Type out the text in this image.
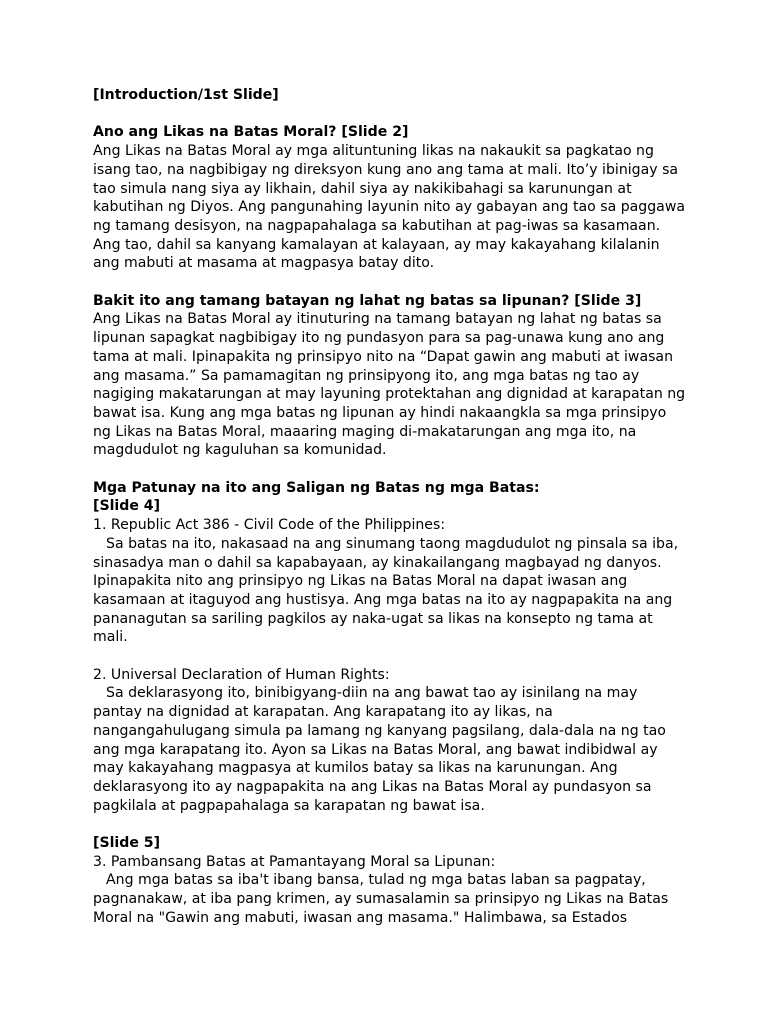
[Introduction/1st Slide]
Ano ang Likas na Batas Moral? [Slide 2]
Ang Likas na Batas Moral ay mga alituntuning likas na nakaukit sa pagkatao ng isang tao, na nagbibigay ng direksyon kung ano ang tama at mali. Ito’y ibinigay sa tao simula nang siya ay likhain, dahil siya ay nakikibahagi sa karunungan at kabutihan ng Diyos. Ang pangunahing layunin nito ay gabayan ang tao sa paggawa ng tamang desisyon, na nagpapahalaga sa kabutihan at pag-iwas sa kasamaan. Ang tao, dahil sa kanyang kamalayan at kalayaan, ay may kakayahang kilalanin ang mabuti at masama at magpasya batay dito.
Bakit ito ang tamang batayan ng lahat ng batas sa lipunan? [Slide 3]
Ang Likas na Batas Moral ay itinuturing na tamang batayan ng lahat ng batas sa lipunan sapagkat nagbibigay ito ng pundasyon para sa pag-unawa kung ano ang tama at mali. Ipinapakita ng prinsipyo nito na “Dapat gawin ang mabuti at iwasan ang masama.” Sa pamamagitan ng prinsipyong ito, ang mga batas ng tao ay nagiging makatarungan at may layuning protektahan ang dignidad at karapatan ng bawat isa. Kung ang mga batas ng lipunan ay hindi nakaangkla sa mga prinsipyo ng Likas na Batas Moral, maaaring maging di-makatarungan ang mga ito, na magdudulot ng kaguluhan sa komunidad.
Mga Patunay na ito ang Saligan ng Batas ng mga Batas:
[Slide 4]
1. Republic Act 386 - Civil Code of the Philippines:
Sa batas na ito, nakasaad na ang sinumang taong magdudulot ng pinsala sa iba, sinasadya man o dahil sa kapabayaan, ay kinakailangang magbayad ng danyos. Ipinapakita nito ang prinsipyo ng Likas na Batas Moral na dapat iwasan ang kasamaan at itaguyod ang hustisya. Ang mga batas na ito ay nagpapakita na ang pananagutan sa sariling pagkilos ay naka-ugat sa likas na konsepto ng tama at mali.
2. Universal Declaration of Human Rights:
Sa deklarasyong ito, binibigyang-diin na ang bawat tao ay isinilang na may pantay na dignidad at karapatan. Ang karapatang ito ay likas, na nangangahulugang simula pa lamang ng kanyang pagsilang, dala-dala na ng tao ang mga karapatang ito. Ayon sa Likas na Batas Moral, ang bawat indibidwal ay may kakayahang magpasya at kumilos batay sa likas na karunungan. Ang deklarasyong ito ay nagpapakita na ang Likas na Batas Moral ay pundasyon sa pagkilala at pagpapahalaga sa karapatan ng bawat isa.
[Slide 5]
3. Pambansang Batas at Pamantayang Moral sa Lipunan:
Ang mga batas sa iba't ibang bansa, tulad ng mga batas laban sa pagpatay, pagnanakaw, at iba pang krimen, ay sumasalamin sa prinsipyo ng Likas na Batas Moral na "Gawin ang mabuti, iwasan ang masama." Halimbawa, sa Estados
